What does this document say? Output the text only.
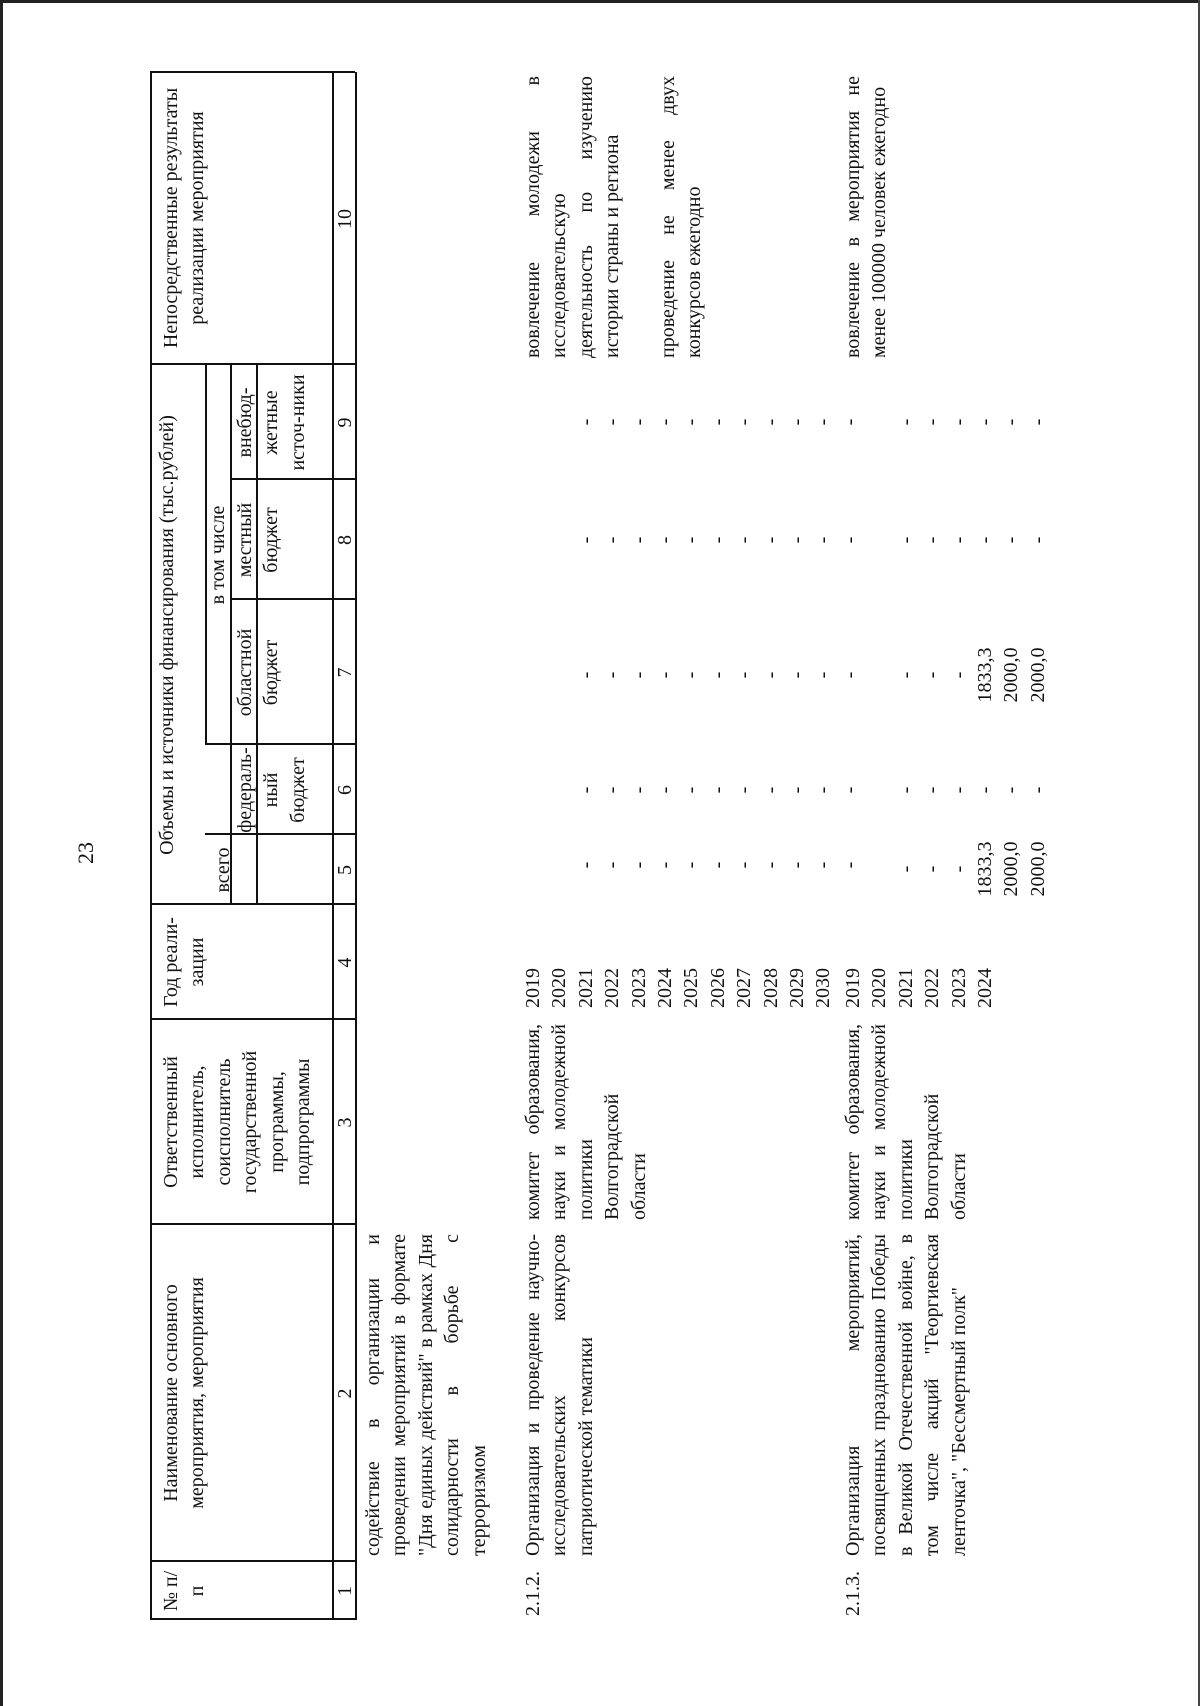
23
№ п/п
Наименование основного мероприятия, мероприятия
Ответственный исполнитель, соисполнитель государственной программы, подпрограммы
Год реали-зации
Объемы и источники финансирования (тыс.рублей) в том числе
всего
федераль-ный бюджет
областной бюджет
местный бюджет
внебюд-жетные источ-ники
Непосредственные результаты реализации мероприятия
1
2
3
4
5
6
7
8
9
10
содействие в организации и проведении мероприятий в формате "Дня единых действий" в рамках Дня солидарности в борьбе с терроризмом
2.1.2.
Организация и проведение научно-исследовательских конкурсов патриотической тематики
комитет образования, науки и молодежной политики Волгоградской области
2019 2020 2021 2022 2023 2024 2025 2026 2027 2028 2029 2030

- - - - - - - - - - -

- - - - - - - - - - -

- - - - - - - - - - -

- - - - - - - - - - -

- - - - - - - - - - -

вовлечение молодежи в исследовательскую деятельность по изучению истории страны и региона проведение не менее двух конкурсов ежегодно
2.1.3.
Организация мероприятий, посвященных празднованию Победы в Великой Отечественной войне, в том числе акций "Георгиевская ленточка", "Бессмертный полк"
комитет образования, науки и молодежной политики Волгоградской области
2019 2020 2021 2022 2023 2024

- - - 1833,3 2000,0 2000,0

- - - - - -

- - - 1833,3 2000,0 2000,0

- - - - - -

- - - - - -

вовлечение в мероприятия не менее 100000 человек ежегодно
